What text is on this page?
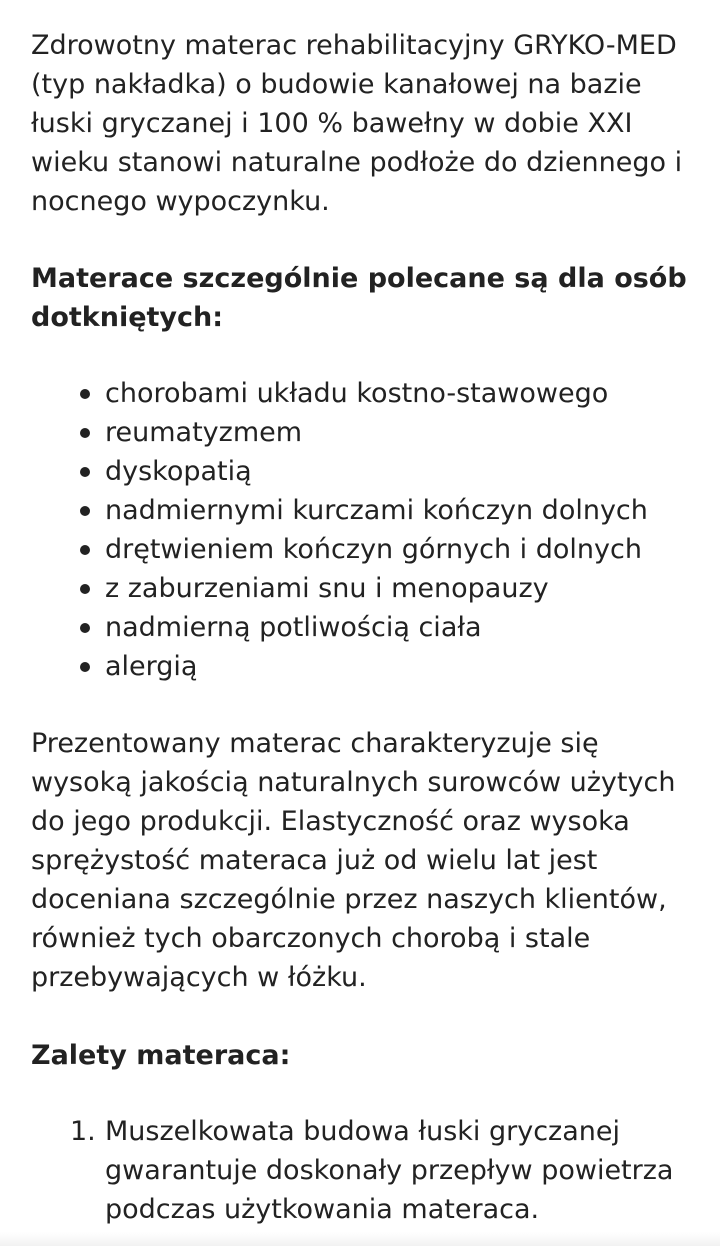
Zdrowotny materac rehabilitacyjny GRYKO-MED (typ nakładka) o budowie kanałowej na bazie łuski gryczanej i 100 % bawełny w dobie XXI wieku stanowi naturalne podłoże do dziennego i nocnego wypoczynku.

Materace szczególnie polecane są dla osób dotkniętych:

chorobami układu kostno-stawowego
reumatyzmem
dyskopatią
nadmiernymi kurczami kończyn dolnych
drętwieniem kończyn górnych i dolnych
z zaburzeniami snu i menopauzy
nadmierną potliwością ciała
alergią

Prezentowany materac charakteryzuje się wysoką jakością naturalnych surowców użytych do jego produkcji. Elastyczność oraz wysoka sprężystość materaca już od wielu lat jest doceniana szczególnie przez naszych klientów, również tych obarczonych chorobą i stale przebywających w łóżku.

Zalety materaca:

1. Muszelkowata budowa łuski gryczanej gwarantuje doskonały przepływ powietrza podczas użytkowania materaca.
